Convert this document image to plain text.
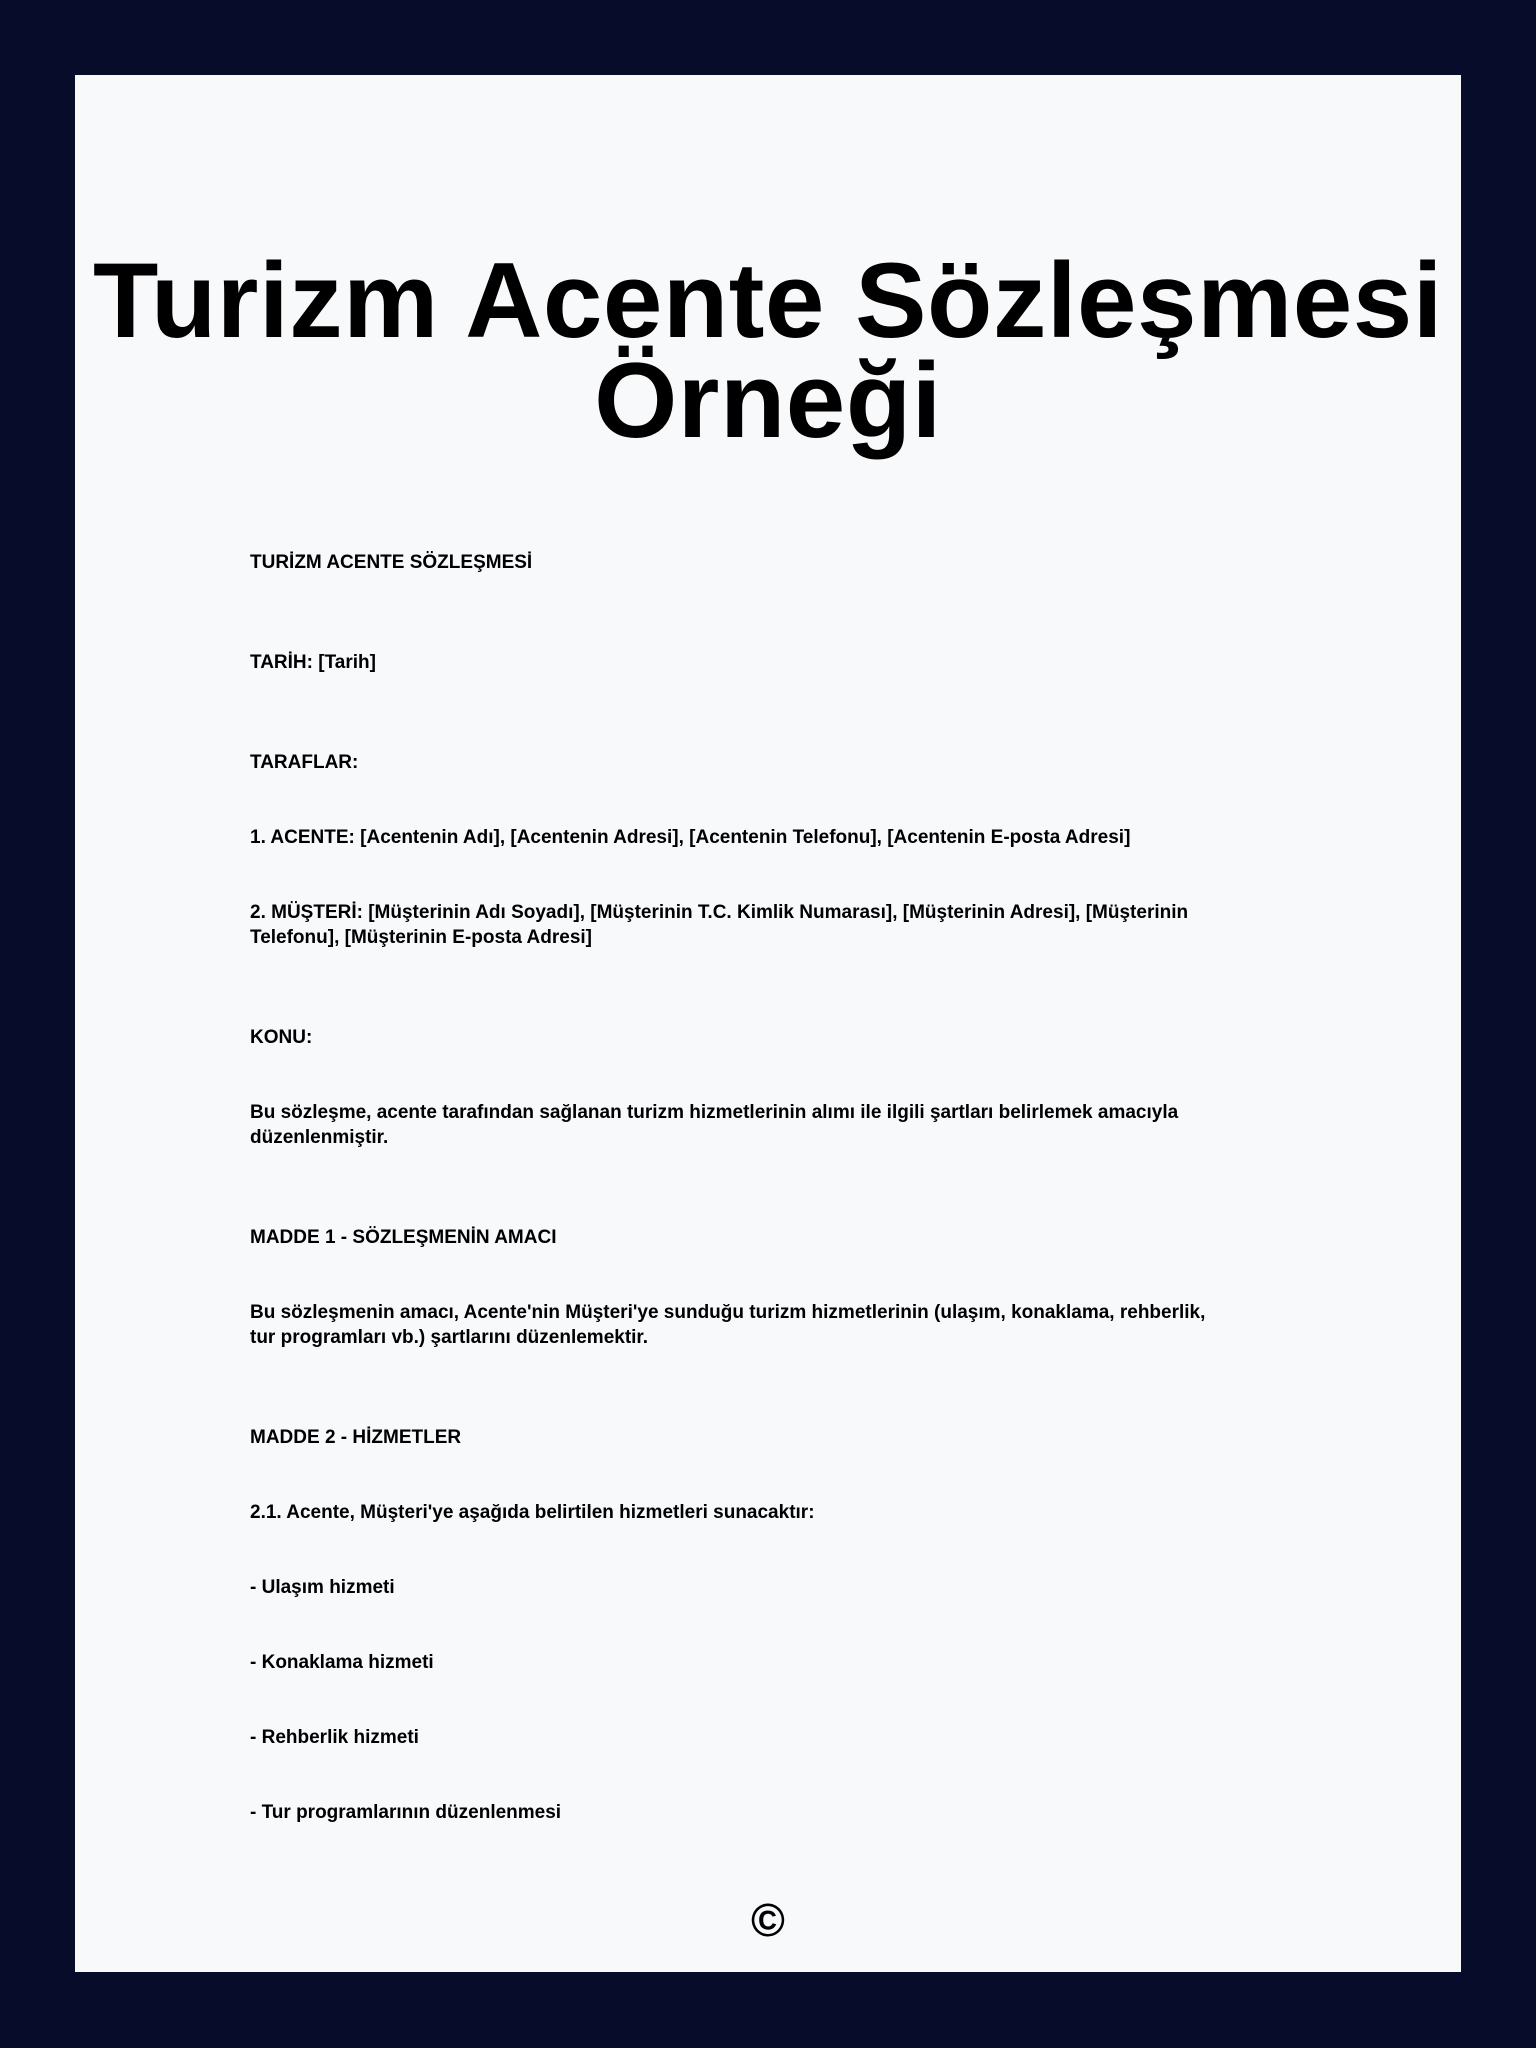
Turizm Acente Sözleşmesi
Örneği

TURİZM ACENTE SÖZLEŞMESİ

TARİH: [Tarih]

TARAFLAR:

1. ACENTE: [Acentenin Adı], [Acentenin Adresi], [Acentenin Telefonu], [Acentenin E-posta Adresi]

2. MÜŞTERİ: [Müşterinin Adı Soyadı], [Müşterinin T.C. Kimlik Numarası], [Müşterinin Adresi], [Müşterinin

Telefonu], [Müşterinin E-posta Adresi]

KONU:

Bu sözleşme, acente tarafından sağlanan turizm hizmetlerinin alımı ile ilgili şartları belirlemek amacıyla

düzenlenmiştir.

MADDE 1 - SÖZLEŞMENİN AMACI

Bu sözleşmenin amacı, Acente'nin Müşteri'ye sunduğu turizm hizmetlerinin (ulaşım, konaklama, rehberlik,

tur programları vb.) şartlarını düzenlemektir.

MADDE 2 - HİZMETLER

2.1. Acente, Müşteri'ye aşağıda belirtilen hizmetleri sunacaktır:

- Ulaşım hizmeti

- Konaklama hizmeti

- Rehberlik hizmeti

- Tur programlarının düzenlenmesi

©
